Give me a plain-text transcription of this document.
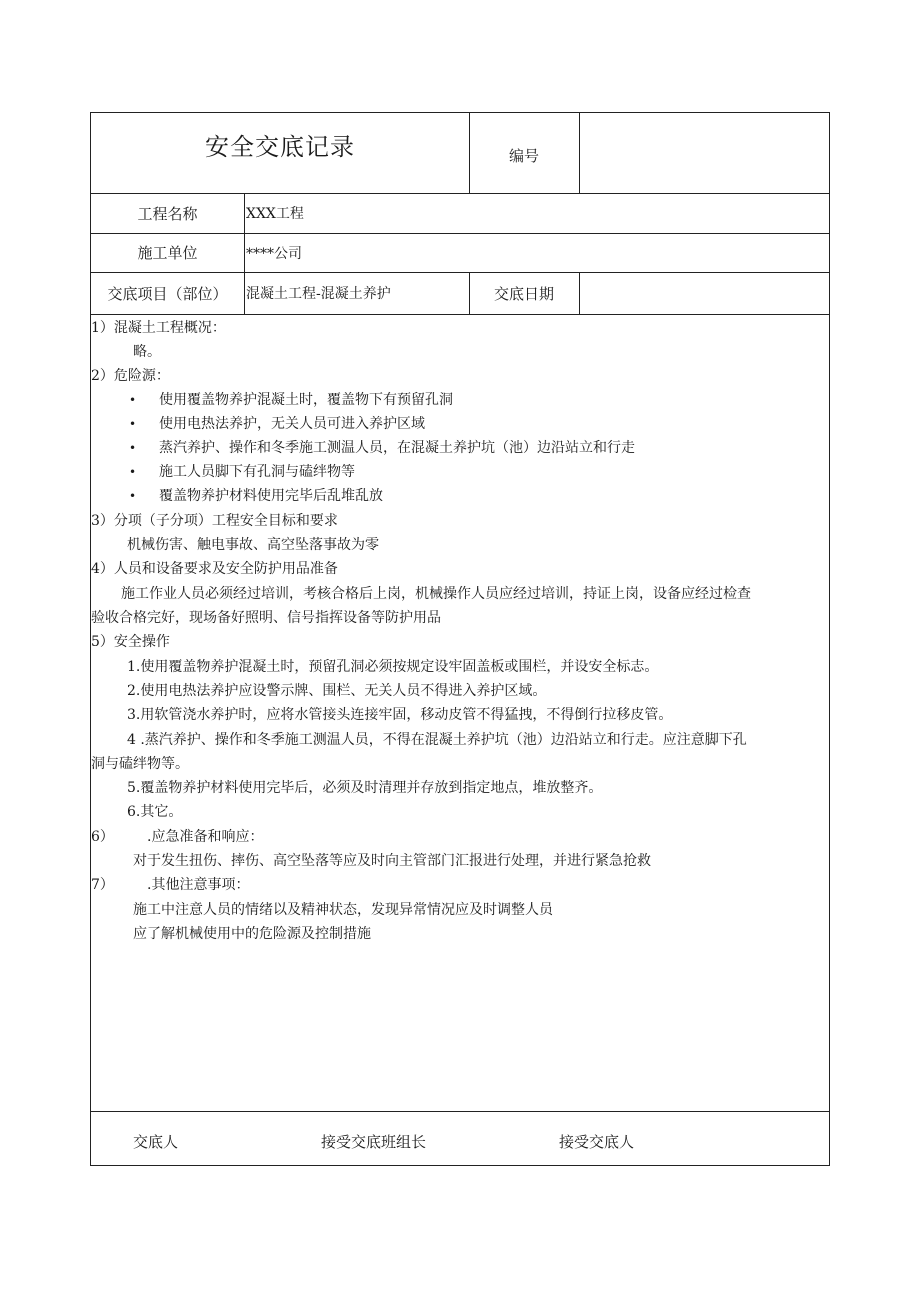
安全交底记录	编号
工程名称	XXX工程
施工单位	****公司
交底项目（部位）	混凝土工程-混凝土养护	交底日期
1）混凝土工程概况：
略。
2）危险源：
• 使用覆盖物养护混凝土时，覆盖物下有预留孔洞
• 使用电热法养护，无关人员可进入养护区域
• 蒸汽养护、操作和冬季施工测温人员，在混凝土养护坑（池）边沿站立和行走
• 施工人员脚下有孔洞与磕绊物等
• 覆盖物养护材料使用完毕后乱堆乱放
3）分项（子分项）工程安全目标和要求
机械伤害、触电事故、高空坠落事故为零
4）人员和设备要求及安全防护用品准备
施工作业人员必须经过培训，考核合格后上岗，机械操作人员应经过培训，持证上岗，设备应经过检查
验收合格完好，现场备好照明、信号指挥设备等防护用品
5）安全操作
1.使用覆盖物养护混凝土时，预留孔洞必须按规定设牢固盖板或围栏，并设安全标志。
2.使用电热法养护应设警示牌、围栏、无关人员不得进入养护区域。
3.用软管浇水养护时，应将水管接头连接牢固，移动皮管不得猛拽，不得倒行拉移皮管。
4 .蒸汽养护、操作和冬季施工测温人员，不得在混凝土养护坑（池）边沿站立和行走。应注意脚下孔
洞与磕绊物等。
5.覆盖物养护材料使用完毕后，必须及时清理并存放到指定地点，堆放整齐。
6.其它。
6） .应急准备和响应：
对于发生扭伤、摔伤、高空坠落等应及时向主管部门汇报进行处理，并进行紧急抢救
7） .其他注意事项：
施工中注意人员的情绪以及精神状态，发现异常情况应及时调整人员
应了解机械使用中的危险源及控制措施
交底人	接受交底班组长	接受交底人
